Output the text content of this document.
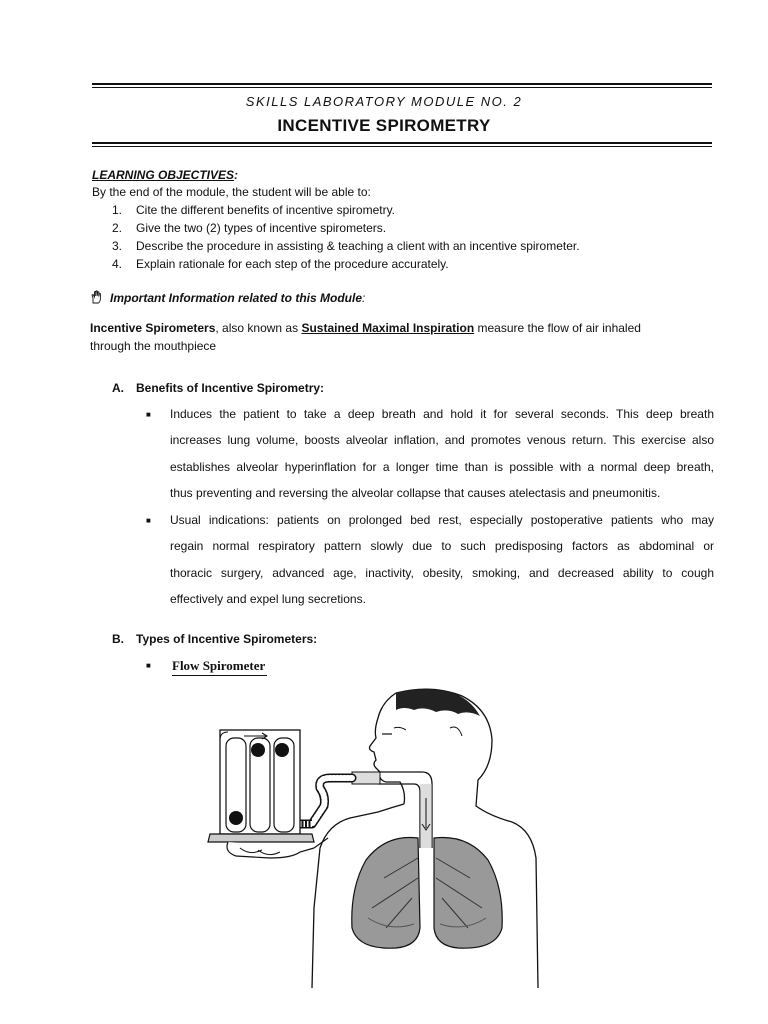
SKILLS LABORATORY MODULE NO. 2
INCENTIVE SPIROMETRY
LEARNING OBJECTIVES:
By the end of the module, the student will be able to:
1. Cite the different benefits of incentive spirometry.
2. Give the two (2) types of incentive spirometers.
3. Describe the procedure in assisting & teaching a client with an incentive spirometer.
4. Explain rationale for each step of the procedure accurately.
Important Information related to this Module:
Incentive Spirometers, also known as Sustained Maximal Inspiration measure the flow of air inhaled
through the mouthpiece
A. Benefits of Incentive Spirometry:
■ Induces the patient to take a deep breath and hold it for several seconds. This deep breath
increases lung volume, boosts alveolar inflation, and promotes venous return. This exercise also
establishes alveolar hyperinflation for a longer time than is possible with a normal deep breath,
thus preventing and reversing the alveolar collapse that causes atelectasis and pneumonitis.
■ Usual indications: patients on prolonged bed rest, especially postoperative patients who may
regain normal respiratory pattern slowly due to such predisposing factors as abdominal or
thoracic surgery, advanced age, inactivity, obesity, smoking, and decreased ability to cough
effectively and expel lung secretions.
B. Types of Incentive Spirometers:
■ Flow Spirometer
